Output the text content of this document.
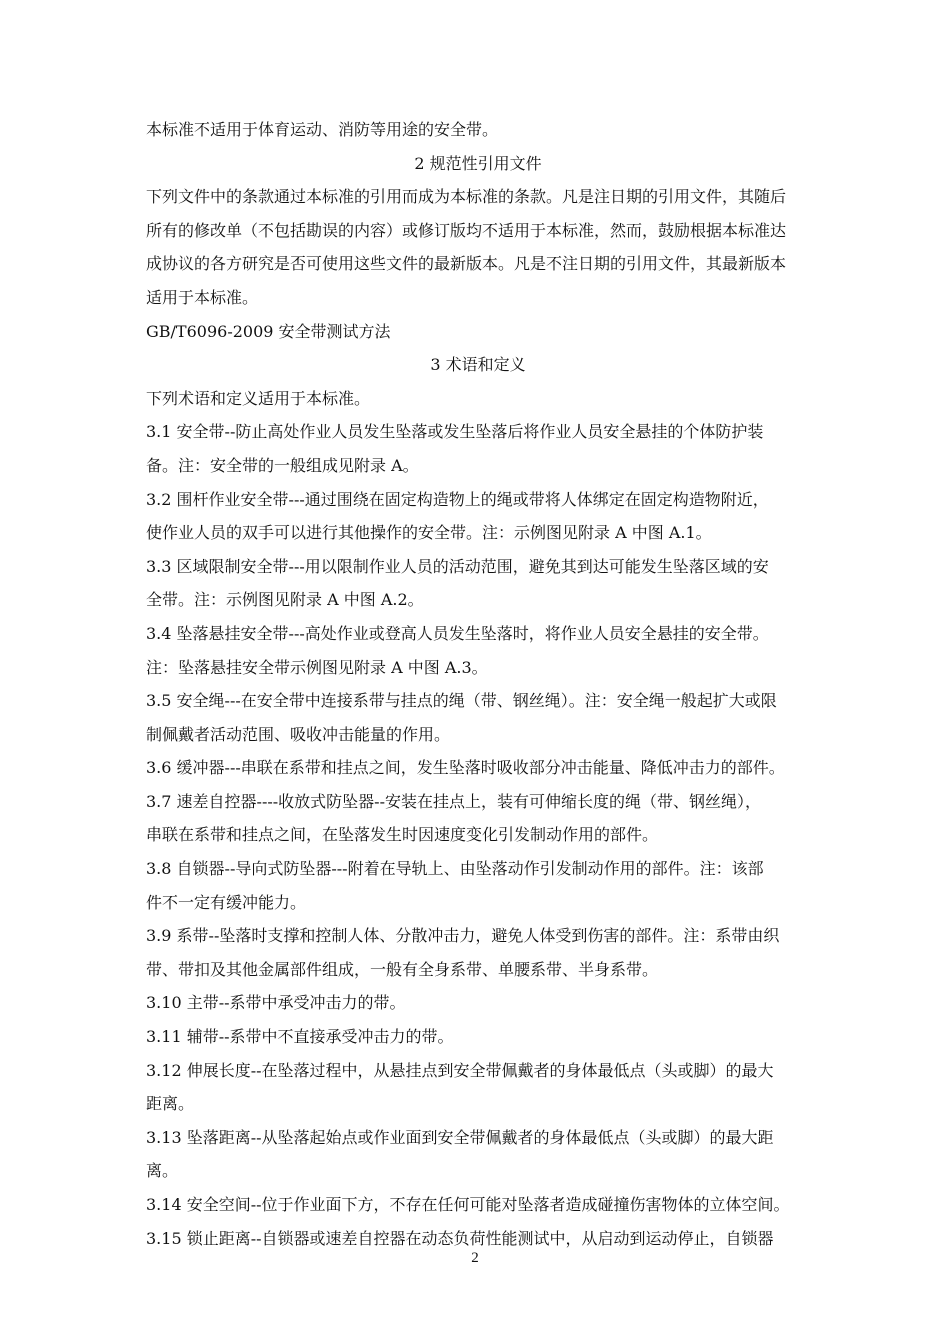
本标准不适用于体育运动、消防等用途的安全带。
2 规范性引用文件
下列文件中的条款通过本标准的引用而成为本标准的条款。凡是注日期的引用文件，其随后
所有的修改单（不包括勘误的内容）或修订版均不适用于本标准，然而，鼓励根据本标准达
成协议的各方研究是否可使用这些文件的最新版本。凡是不注日期的引用文件，其最新版本
适用于本标准。
GB/T6096-2009 安全带测试方法
3 术语和定义
下列术语和定义适用于本标准。
3.1 安全带--防止高处作业人员发生坠落或发生坠落后将作业人员安全悬挂的个体防护装
备。注：安全带的一般组成见附录 A。
3.2 围杆作业安全带---通过围绕在固定构造物上的绳或带将人体绑定在固定构造物附近，
使作业人员的双手可以进行其他操作的安全带。注：示例图见附录 A 中图 A.1。
3.3 区域限制安全带---用以限制作业人员的活动范围，避免其到达可能发生坠落区域的安
全带。注：示例图见附录 A 中图 A.2。
3.4 坠落悬挂安全带---高处作业或登高人员发生坠落时，将作业人员安全悬挂的安全带。
注：坠落悬挂安全带示例图见附录 A 中图 A.3。
3.5 安全绳---在安全带中连接系带与挂点的绳（带、钢丝绳）。注：安全绳一般起扩大或限
制佩戴者活动范围、吸收冲击能量的作用。
3.6 缓冲器---串联在系带和挂点之间，发生坠落时吸收部分冲击能量、降低冲击力的部件。
3.7 速差自控器----收放式防坠器--安装在挂点上，装有可伸缩长度的绳（带、钢丝绳），
串联在系带和挂点之间，在坠落发生时因速度变化引发制动作用的部件。
3.8 自锁器--导向式防坠器---附着在导轨上、由坠落动作引发制动作用的部件。注：该部
件不一定有缓冲能力。
3.9 系带--坠落时支撑和控制人体、分散冲击力，避免人体受到伤害的部件。注：系带由织
带、带扣及其他金属部件组成，一般有全身系带、单腰系带、半身系带。
3.10 主带--系带中承受冲击力的带。
3.11 辅带--系带中不直接承受冲击力的带。
3.12 伸展长度--在坠落过程中，从悬挂点到安全带佩戴者的身体最低点（头或脚）的最大
距离。
3.13 坠落距离--从坠落起始点或作业面到安全带佩戴者的身体最低点（头或脚）的最大距
离。
3.14 安全空间--位于作业面下方，不存在任何可能对坠落者造成碰撞伤害物体的立体空间。
3.15 锁止距离--自锁器或速差自控器在动态负荷性能测试中，从启动到运动停止，自锁器
2
